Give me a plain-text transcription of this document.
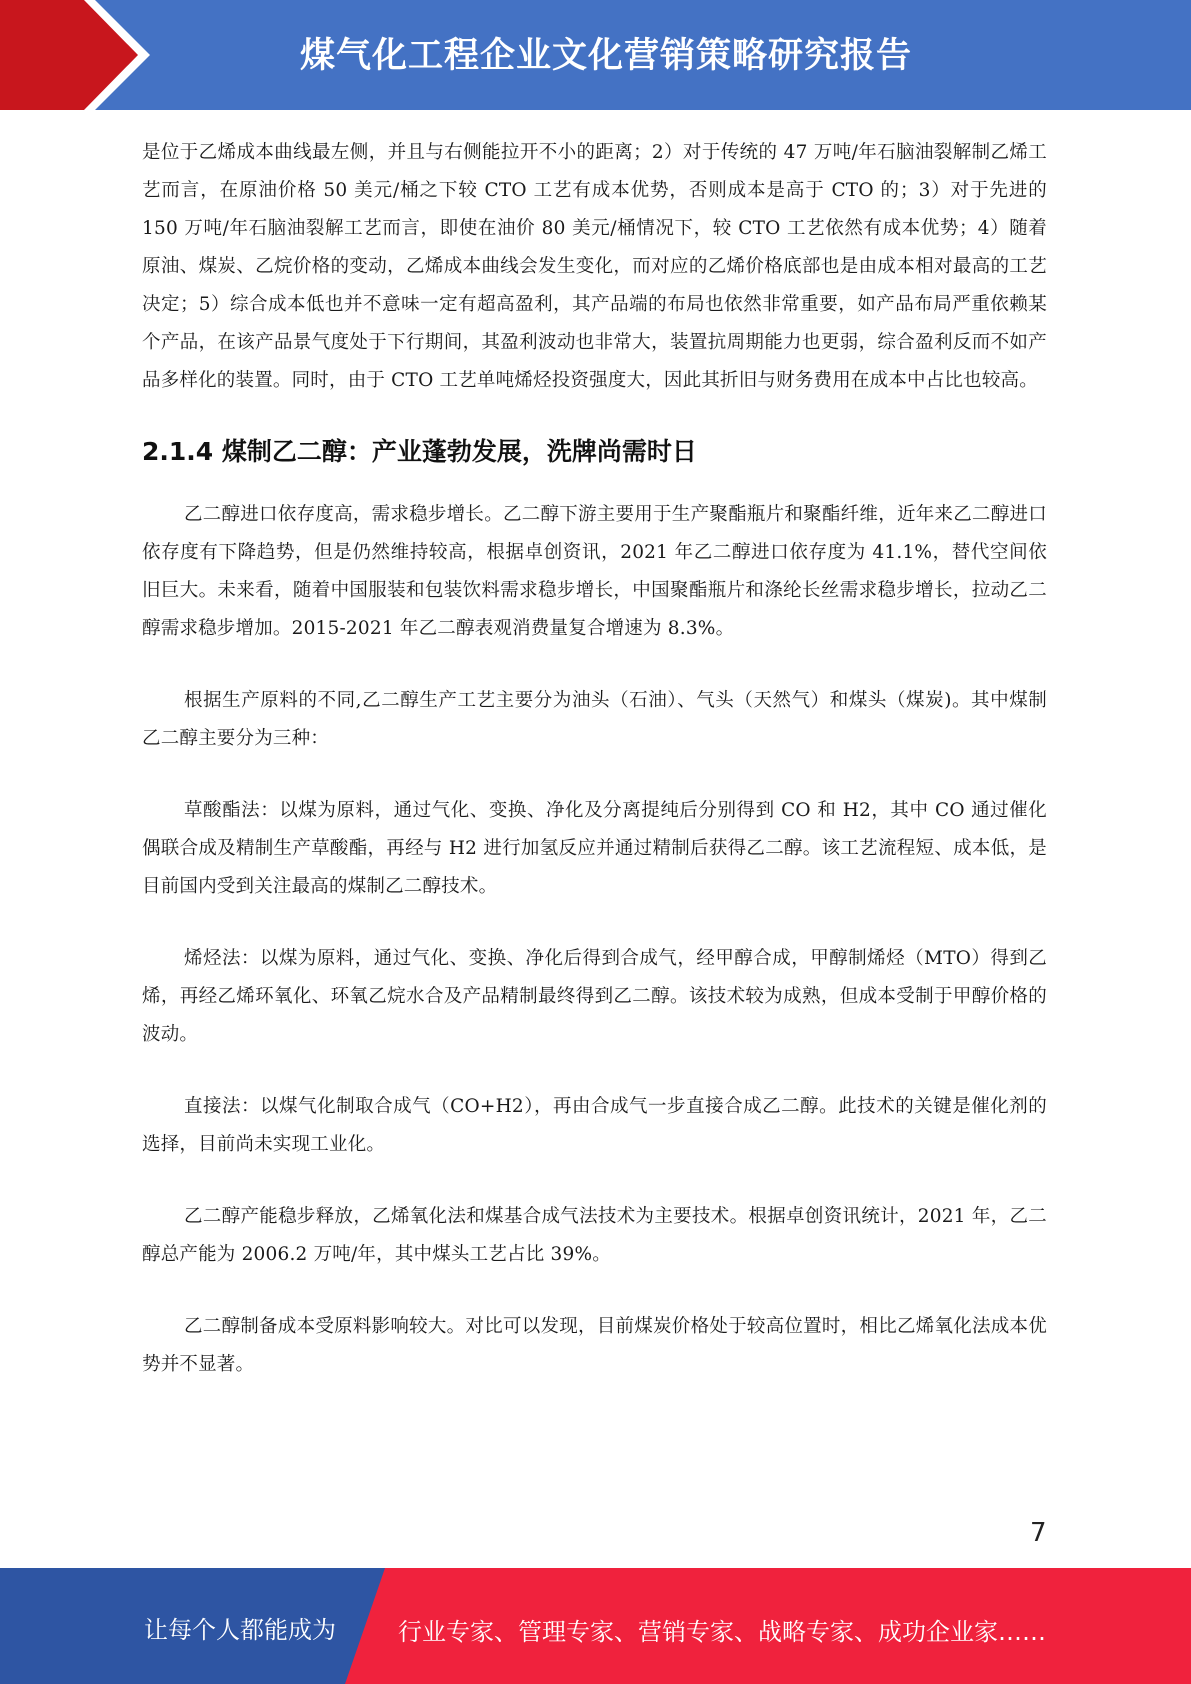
煤气化工程企业文化营销策略研究报告

是位于乙烯成本曲线最左侧，并且与右侧能拉开不小的距离；2）对于传统的 47 万吨/年石脑油裂解制乙烯工艺而言，在原油价格 50 美元/桶之下较 CTO 工艺有成本优势，否则成本是高于 CTO 的；3）对于先进的 150 万吨/年石脑油裂解工艺而言，即使在油价 80 美元/桶情况下，较 CTO 工艺依然有成本优势；4）随着原油、煤炭、乙烷价格的变动，乙烯成本曲线会发生变化，而对应的乙烯价格底部也是由成本相对最高的工艺决定；5）综合成本低也并不意味一定有超高盈利，其产品端的布局也依然非常重要，如产品布局严重依赖某个产品，在该产品景气度处于下行期间，其盈利波动也非常大，装置抗周期能力也更弱，综合盈利反而不如产品多样化的装置。同时，由于 CTO 工艺单吨烯烃投资强度大，因此其折旧与财务费用在成本中占比也较高。

2.1.4 煤制乙二醇：产业蓬勃发展，洗牌尚需时日

乙二醇进口依存度高，需求稳步增长。乙二醇下游主要用于生产聚酯瓶片和聚酯纤维，近年来乙二醇进口依存度有下降趋势，但是仍然维持较高，根据卓创资讯，2021 年乙二醇进口依存度为 41.1%，替代空间依旧巨大。未来看，随着中国服装和包装饮料需求稳步增长，中国聚酯瓶片和涤纶长丝需求稳步增长，拉动乙二醇需求稳步增加。2015-2021 年乙二醇表观消费量复合增速为 8.3%。

根据生产原料的不同,乙二醇生产工艺主要分为油头（石油）、气头（天然气）和煤头（煤炭)。其中煤制乙二醇主要分为三种：

草酸酯法：以煤为原料，通过气化、变换、净化及分离提纯后分别得到 CO 和 H2，其中 CO 通过催化偶联合成及精制生产草酸酯，再经与 H2 进行加氢反应并通过精制后获得乙二醇。该工艺流程短、成本低，是目前国内受到关注最高的煤制乙二醇技术。

烯烃法：以煤为原料，通过气化、变换、净化后得到合成气，经甲醇合成，甲醇制烯烃（MTO）得到乙烯，再经乙烯环氧化、环氧乙烷水合及产品精制最终得到乙二醇。该技术较为成熟，但成本受制于甲醇价格的波动。

直接法：以煤气化制取合成气（CO+H2），再由合成气一步直接合成乙二醇。此技术的关键是催化剂的选择，目前尚未实现工业化。

乙二醇产能稳步释放，乙烯氧化法和煤基合成气法技术为主要技术。根据卓创资讯统计，2021 年，乙二醇总产能为 2006.2 万吨/年，其中煤头工艺占比 39%。

乙二醇制备成本受原料影响较大。对比可以发现，目前煤炭价格处于较高位置时，相比乙烯氧化法成本优势并不显著。

7
让每个人都能成为	行业专家、管理专家、营销专家、战略专家、成功企业家……
